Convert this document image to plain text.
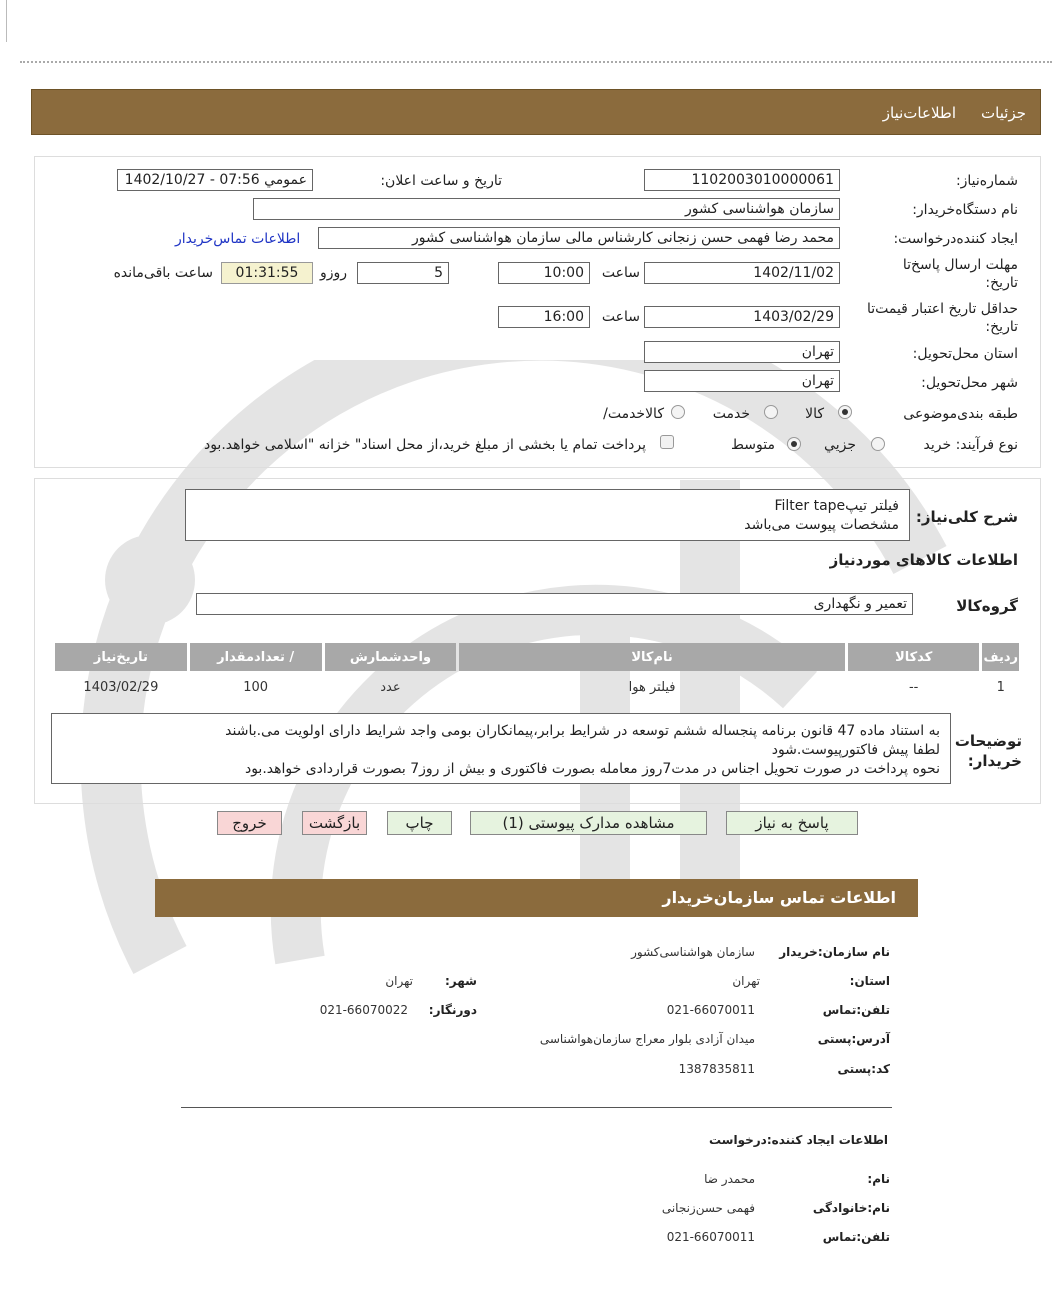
جزئيات
اطلاعات‌نیاز
شماره‌نیاز:
1102003010000061
تاریخ و ساعت اعلان:
عمومي 07:56 - 1402/10/27
نام دستگاه‌خریدار:
سازمان هواشناسی کشور
ایجاد کننده‌درخواست:
محمد رضا فهمی حسن زنجانی کارشناس مالی سازمان هواشناسی کشور
اطلاعات تماس‌خریدار
مهلت ارسال پاسخ‌تا تاریخ:
1402/11/02
ساعت
10:00
5
روزو
01:31:55
ساعت باقی‌مانده
حداقل تاریخ اعتبار قیمت‌تا تاریخ:
1403/02/29
ساعت
16:00
استان محل‌تحویل:
تهران
شهر محل‌تحویل:
تهران
طبقه بندی‌موضوعی
کالا
خدمت
کالاخدمت/
نوع فرآیند: خرید
جزیي
متوسط
پرداخت تمام یا بخشی از مبلغ خرید،از محل اسناد" خزانه "اسلامی خواهد.بود
شرح کلی‌نیاز:
فیلتر تیپFilter tape
مشخصات پیوست می‌باشد
اطلاعات کالاهای موردنیاز
گروه‌کالا
تعمیر و نگهداری
ردیف	کدکالا	نام‌کالا	واحدشمارش	/ تعدادمقدار	تاریخ‌نیاز
1	--	فیلتر هوا	عدد	100	1403/02/29
توضیحات
خریدار:
به استناد ماده 47 قانون برنامه پنجساله ششم توسعه در شرایط برابر،پیمانکاران بومی واجد شرایط دارای اولویت می.باشند
لطفا پیش فاکتورپیوست.شود
نحوه پرداخت در صورت تحویل اجناس در مدت7روز معامله بصورت فاکتوری و بیش از روز7 بصورت قراردادی خواهد.بود
پاسخ به نیاز
مشاهده مدارک پیوستی (1)
چاپ
بازگشت
خروج
اطلاعات تماس سازمان‌خریدار
نام سازمان:خریدار
سازمان هواشناسی‌کشور
استان:
تهران
شهر:
تهران
تلفن:تماس
021-66070011
دورنگار:
021-66070022
آدرس:پستی
میدان آزادی بلوار معراج سازمان‌هواشناسی
کد:پستی
1387835811
اطلاعات ایجاد کننده:درخواست
نام:
محمدر ضا
نام:خانوادگی
فهمی حسن‌زنجانی
تلفن:تماس
021-66070011
